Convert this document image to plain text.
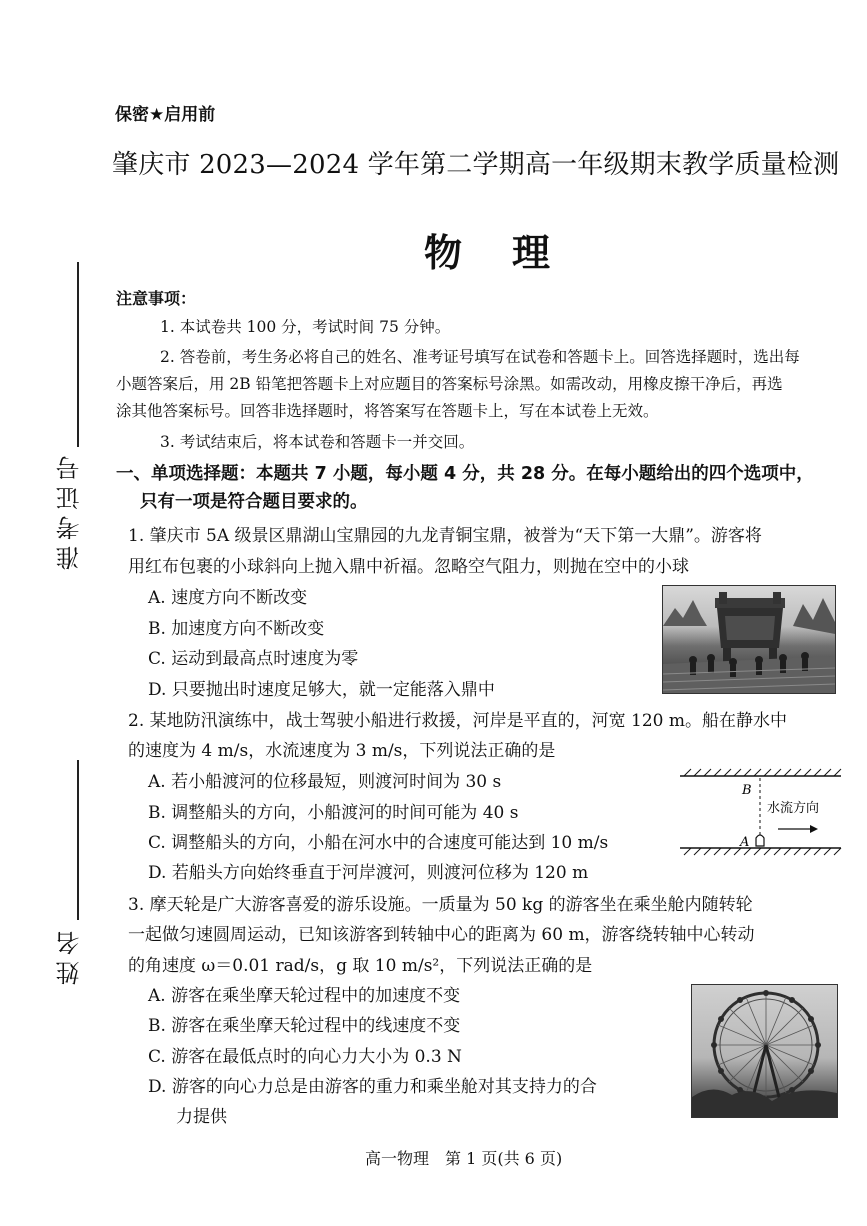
保密★启用前
肇庆市 2023—2024 学年第二学期高一年级期末教学质量检测
物理
准考证号
姓名
注意事项：
1. 本试卷共 100 分，考试时间 75 分钟。
2. 答卷前，考生务必将自己的姓名、准考证号填写在试卷和答题卡上。回答选择题时，选出每
小题答案后，用 2B 铅笔把答题卡上对应题目的答案标号涂黑。如需改动，用橡皮擦干净后，再选
涂其他答案标号。回答非选择题时，将答案写在答题卡上，写在本试卷上无效。
3. 考试结束后，将本试卷和答题卡一并交回。
一、单项选择题：本题共 7 小题，每小题 4 分，共 28 分。在每小题给出的四个选项中，
只有一项是符合题目要求的。
1. 肇庆市 5A 级景区鼎湖山宝鼎园的九龙青铜宝鼎，被誉为“天下第一大鼎”。游客将
用红布包裹的小球斜向上抛入鼎中祈福。忽略空气阻力，则抛在空中的小球
A. 速度方向不断改变
B. 加速度方向不断改变
C. 运动到最高点时速度为零
D. 只要抛出时速度足够大，就一定能落入鼎中
2. 某地防汛演练中，战士驾驶小船进行救援，河岸是平直的，河宽 120 m。船在静水中
的速度为 4 m/s，水流速度为 3 m/s，下列说法正确的是
A. 若小船渡河的位移最短，则渡河时间为 30 s
B. 调整船头的方向，小船渡河的时间可能为 40 s
C. 调整船头的方向，小船在河水中的合速度可能达到 10 m/s
D. 若船头方向始终垂直于河岸渡河，则渡河位移为 120 m
B
A
水流方向
3. 摩天轮是广大游客喜爱的游乐设施。一质量为 50 kg 的游客坐在乘坐舱内随转轮
一起做匀速圆周运动，已知该游客到转轴中心的距离为 60 m，游客绕转轴中心转动
的角速度 ω＝0.01 rad/s，g 取 10 m/s²，下列说法正确的是
A. 游客在乘坐摩天轮过程中的加速度不变
B. 游客在乘坐摩天轮过程中的线速度不变
C. 游客在最低点时的向心力大小为 0.3 N
D. 游客的向心力总是由游客的重力和乘坐舱对其支持力的合
力提供
高一物理　第 1 页(共 6 页)
